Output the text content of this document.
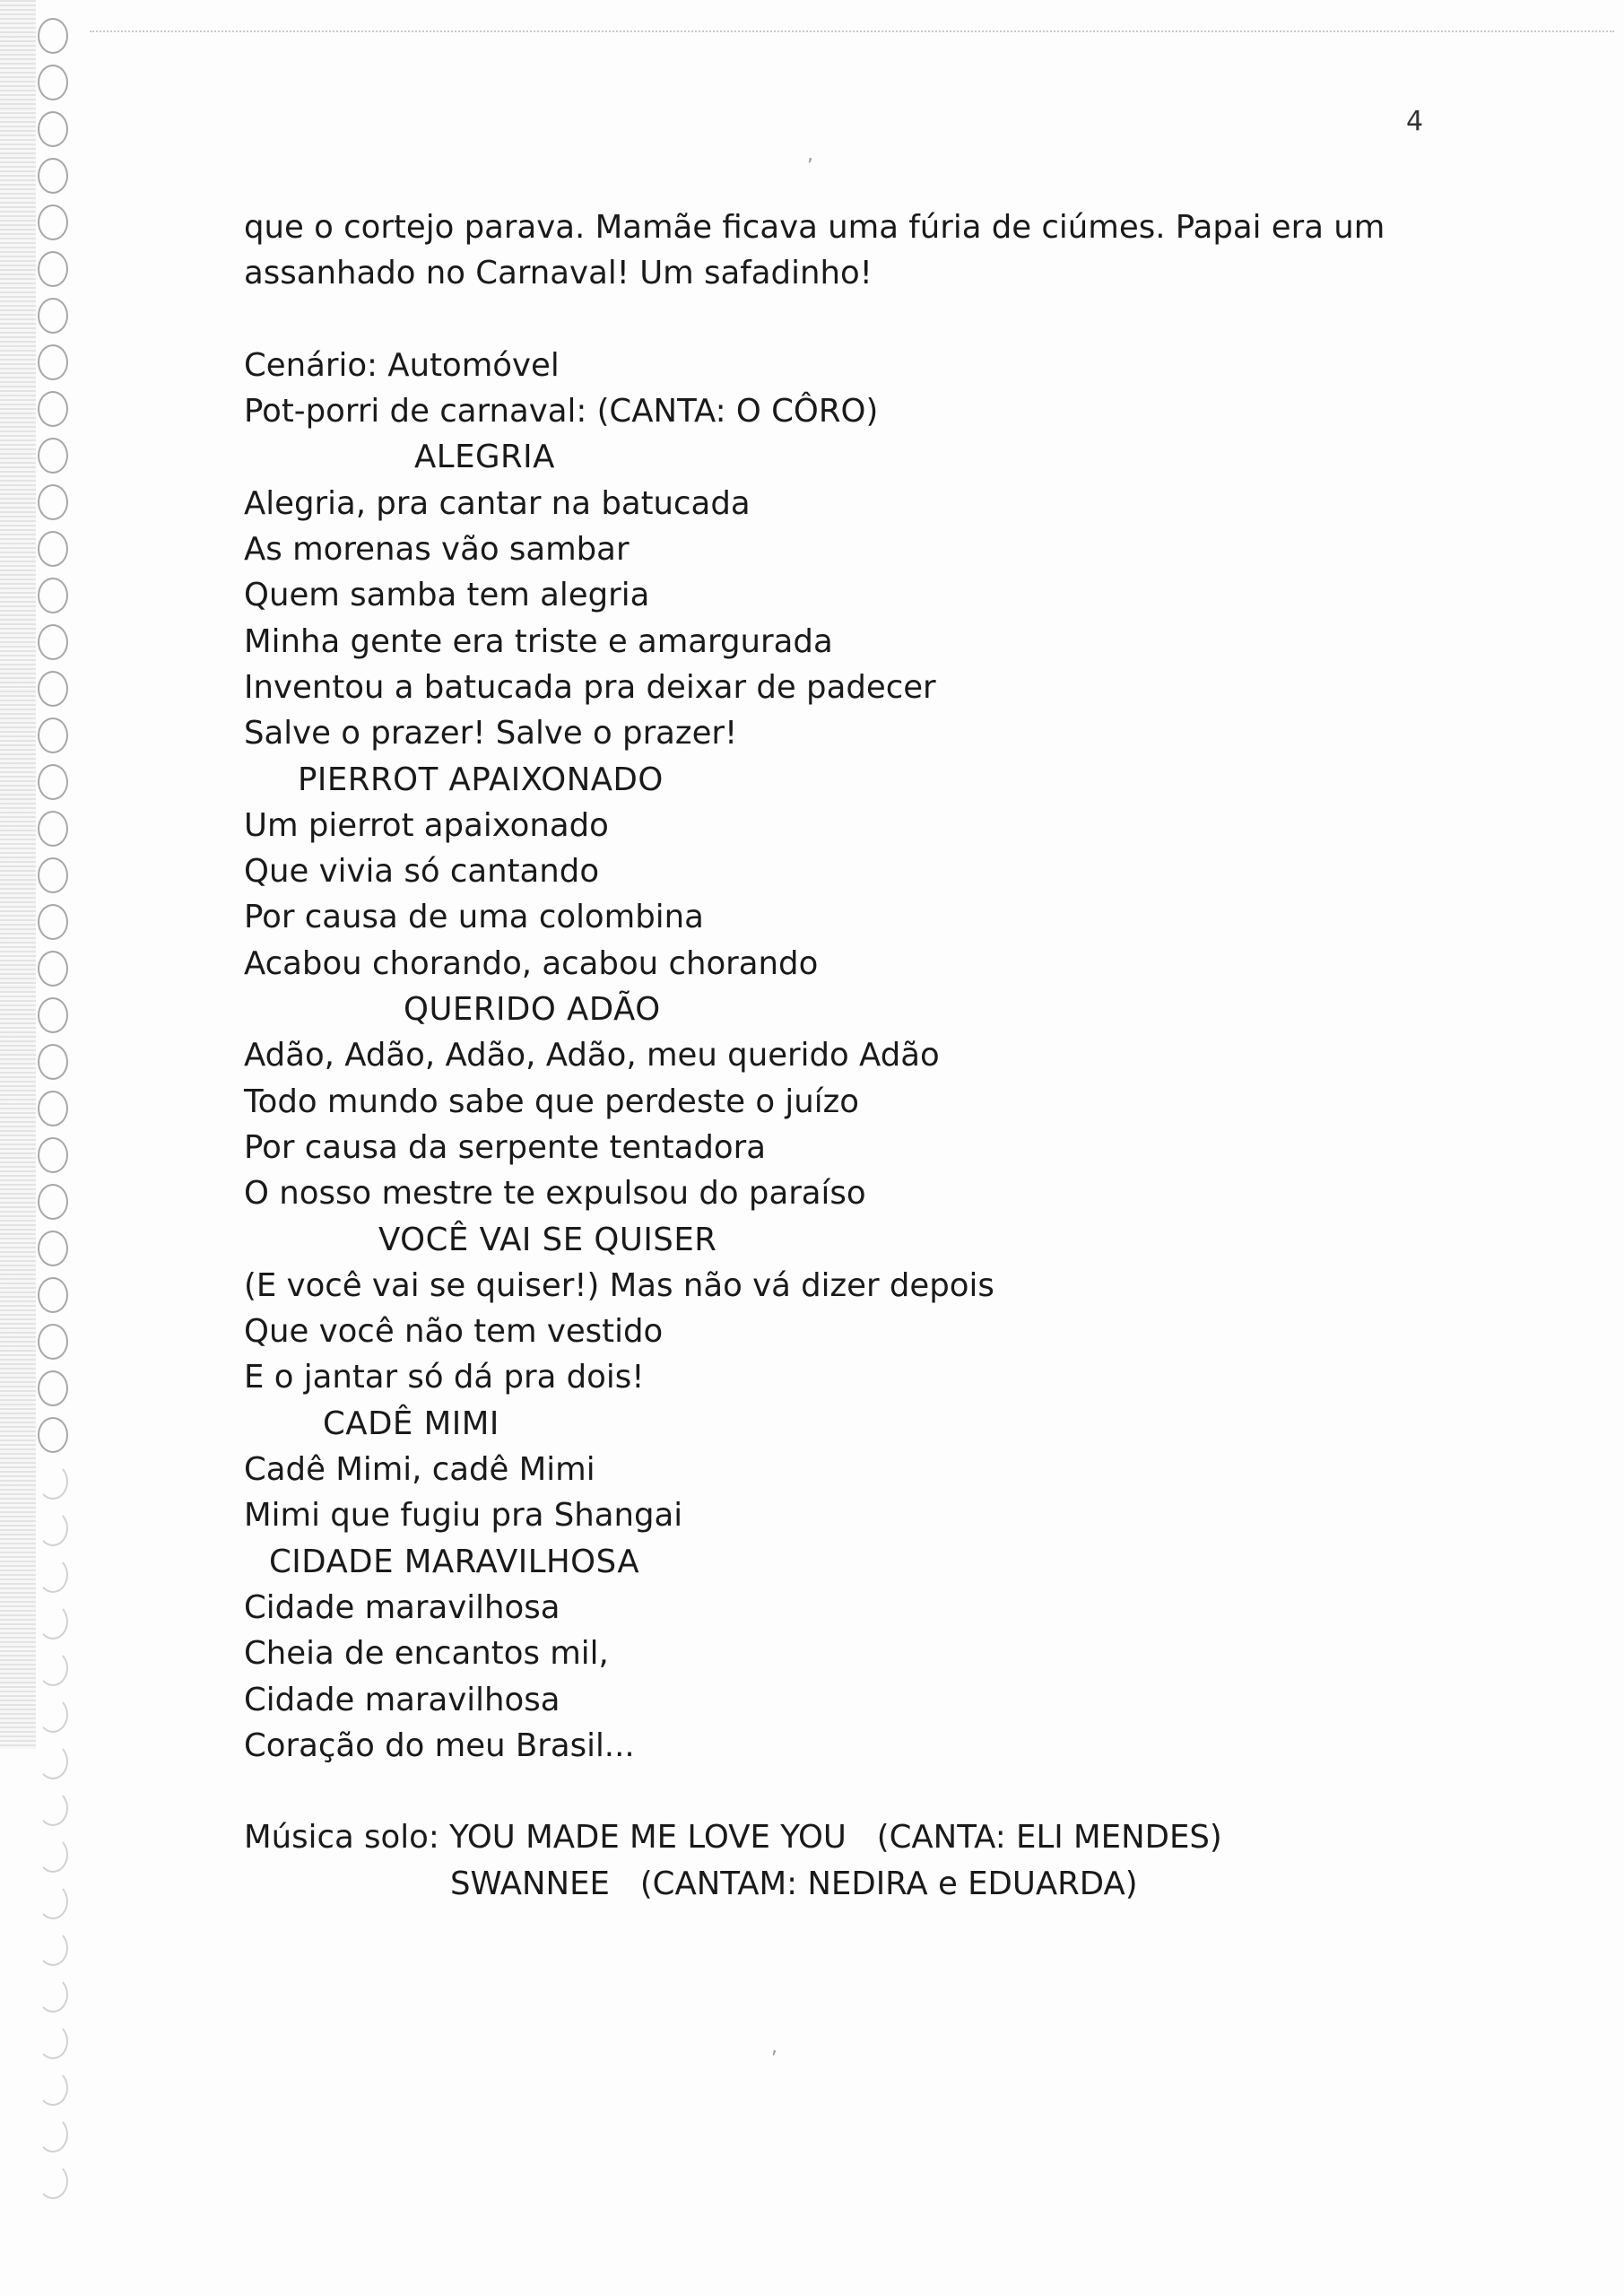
4
,
,
que o cortejo parava. Mamãe ficava uma fúria de ciúmes. Papai era um
assanhado no Carnaval! Um safadinho!
Cenário: Automóvel
Pot-porri de carnaval: (CANTA: O CÔRO)
ALEGRIA
Alegria, pra cantar na batucada
As morenas vão sambar
Quem samba tem alegria
Minha gente era triste e amargurada
Inventou a batucada pra deixar de padecer
Salve o prazer! Salve o prazer!
PIERROT APAIXONADO
Um pierrot apaixonado
Que vivia só cantando
Por causa de uma colombina
Acabou chorando, acabou chorando
QUERIDO ADÃO
Adão, Adão, Adão, Adão, meu querido Adão
Todo mundo sabe que perdeste o juízo
Por causa da serpente tentadora
O nosso mestre te expulsou do paraíso
VOCÊ VAI SE QUISER
(E você vai se quiser!) Mas não vá dizer depois
Que você não tem vestido
E o jantar só dá pra dois!
CADÊ MIMI
Cadê Mimi, cadê Mimi
Mimi que fugiu pra Shangai
CIDADE MARAVILHOSA
Cidade maravilhosa
Cheia de encantos mil,
Cidade maravilhosa
Coração do meu Brasil...
Música solo: YOU MADE ME LOVE YOU (CANTA: ELI MENDES)
SWANNEE (CANTAM: NEDIRA e EDUARDA)
